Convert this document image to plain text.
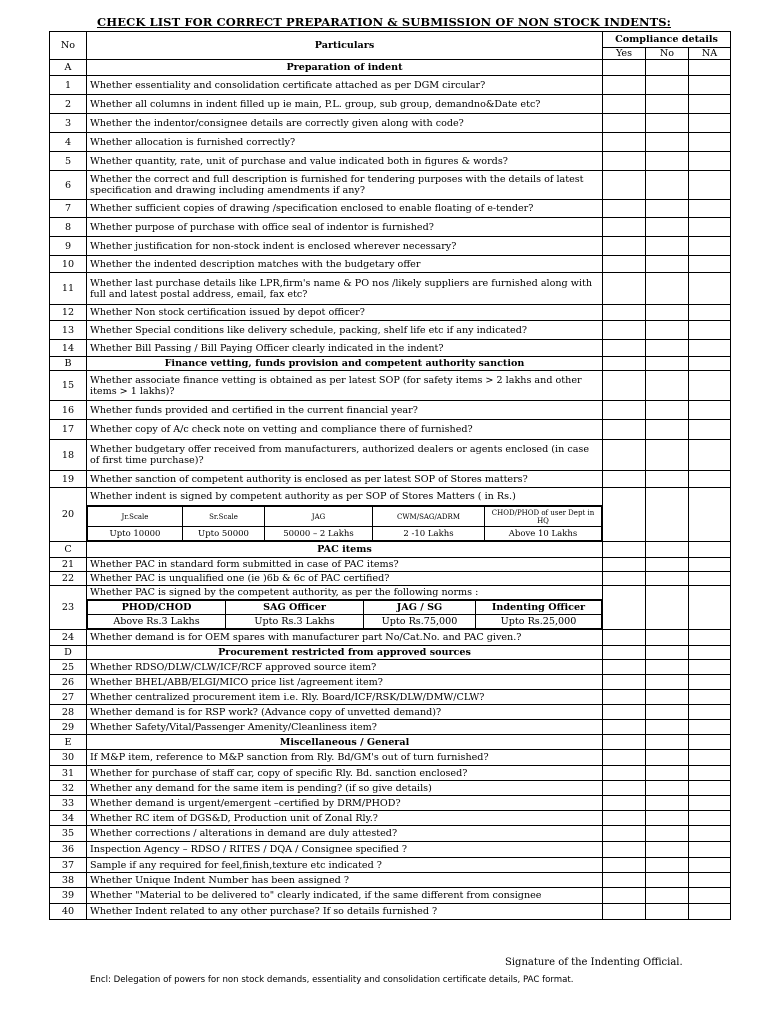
CHECK LIST FOR CORRECT PREPARATION & SUBMISSION OF NON STOCK INDENTS:
No	Particulars	Compliance details
Yes	No	NA
A	Preparation of indent			
1	Whether essentiality and consolidation certificate attached as per DGM circular?			
2	Whether all columns in indent filled up ie main, P.L. group, sub group, demandno&Date etc?			
3	Whether the indentor/consignee details are correctly given along with code?			
4	Whether allocation is furnished correctly?			
5	Whether quantity, rate, unit of purchase and value indicated both in figures & words?			
6	Whether the correct and full description is furnished for tendering purposes with the details of latest specification and drawing including amendments if any?			
7	Whether sufficient copies of drawing /specification enclosed to enable floating of e-tender?			
8	Whether purpose of purchase with office seal of indentor is furnished?			
9	Whether justification for non-stock indent is enclosed wherever necessary?			
10	Whether the indented description matches with the budgetary offer			
11	Whether last purchase details like LPR,firm's name & PO nos /likely suppliers are furnished along with full and latest postal address, email, fax etc?			
12	Whether Non stock certification issued by depot officer?			
13	Whether Special conditions like delivery schedule, packing, shelf life etc if any indicated?			
14	Whether Bill Passing / Bill Paying Officer clearly indicated in the indent?			
B	Finance vetting, funds provision and competent authority sanction			
15	Whether associate finance vetting is obtained as per latest SOP (for safety items > 2 lakhs and other items > 1 lakhs)?			
16	Whether funds provided and certified in the current financial year?			
17	Whether copy of A/c check note on vetting and compliance there of furnished?			
18	Whether budgetary offer received from manufacturers, authorized dealers or agents enclosed (in case of first time purchase)?			
19	Whether sanction of competent authority is enclosed as per latest SOP of Stores matters?			
20	Whether indent is signed by competent authority as per SOP of Stores Matters ( in Rs.)			

Jr.Scale	Sr.Scale	JAG	CWM/SAG/ADRM	CHOD/PHOD of user Dept in HQ
Upto 10000	Upto 50000	50000 – 2 Lakhs	2 -10 Lakhs	Above 10 Lakhs

C	PAC items			
21	Whether PAC in standard form submitted in case of PAC items?			
22	Whether PAC is unqualified one (ie )6b & 6c of PAC certified?			
23	Whether PAC is signed by the competent authority, as per the following norms :			

PHOD/CHOD	SAG Officer	JAG / SG	Indenting Officer
Above Rs.3 Lakhs	Upto Rs.3 Lakhs	Upto Rs.75,000	Upto Rs.25,000

24	Whether demand is for OEM spares with manufacturer part No/Cat.No. and PAC given.?			
D	Procurement restricted from approved sources			
25	Whether RDSO/DLW/CLW/ICF/RCF approved source item?			
26	Whether BHEL/ABB/ELGI/MICO price list /agreement item?			
27	Whether centralized procurement item i.e. Rly. Board/ICF/RSK/DLW/DMW/CLW?			
28	Whether demand is for RSP work? (Advance copy of unvetted demand)?			
29	Whether Safety/Vital/Passenger Amenity/Cleanliness item?			
E	Miscellaneous / General			
30	If M&P item, reference to M&P sanction from Rly. Bd/GM's out of turn furnished?			
31	Whether for purchase of staff car, copy of specific Rly. Bd. sanction enclosed?			
32	Whether any demand for the same item is pending? (if so give details)			
33	Whether demand is urgent/emergent –certified by DRM/PHOD?			
34	Whether RC item of DGS&D, Production unit of Zonal Rly.?			
35	Whether corrections / alterations in demand are duly attested?			
36	Inspection Agency – RDSO / RITES / DQA / Consignee specified ?			
37	Sample if any required for feel,finish,texture etc indicated ?			
38	Whether Unique Indent Number has been assigned ?			
39	Whether "Material to be delivered to" clearly indicated, if the same different from consignee			
40	Whether Indent related to any other purchase? If so details furnished ?			
Signature of the Indenting Official.
Encl: Delegation of powers for non stock demands, essentiality and consolidation certificate details, PAC format.
